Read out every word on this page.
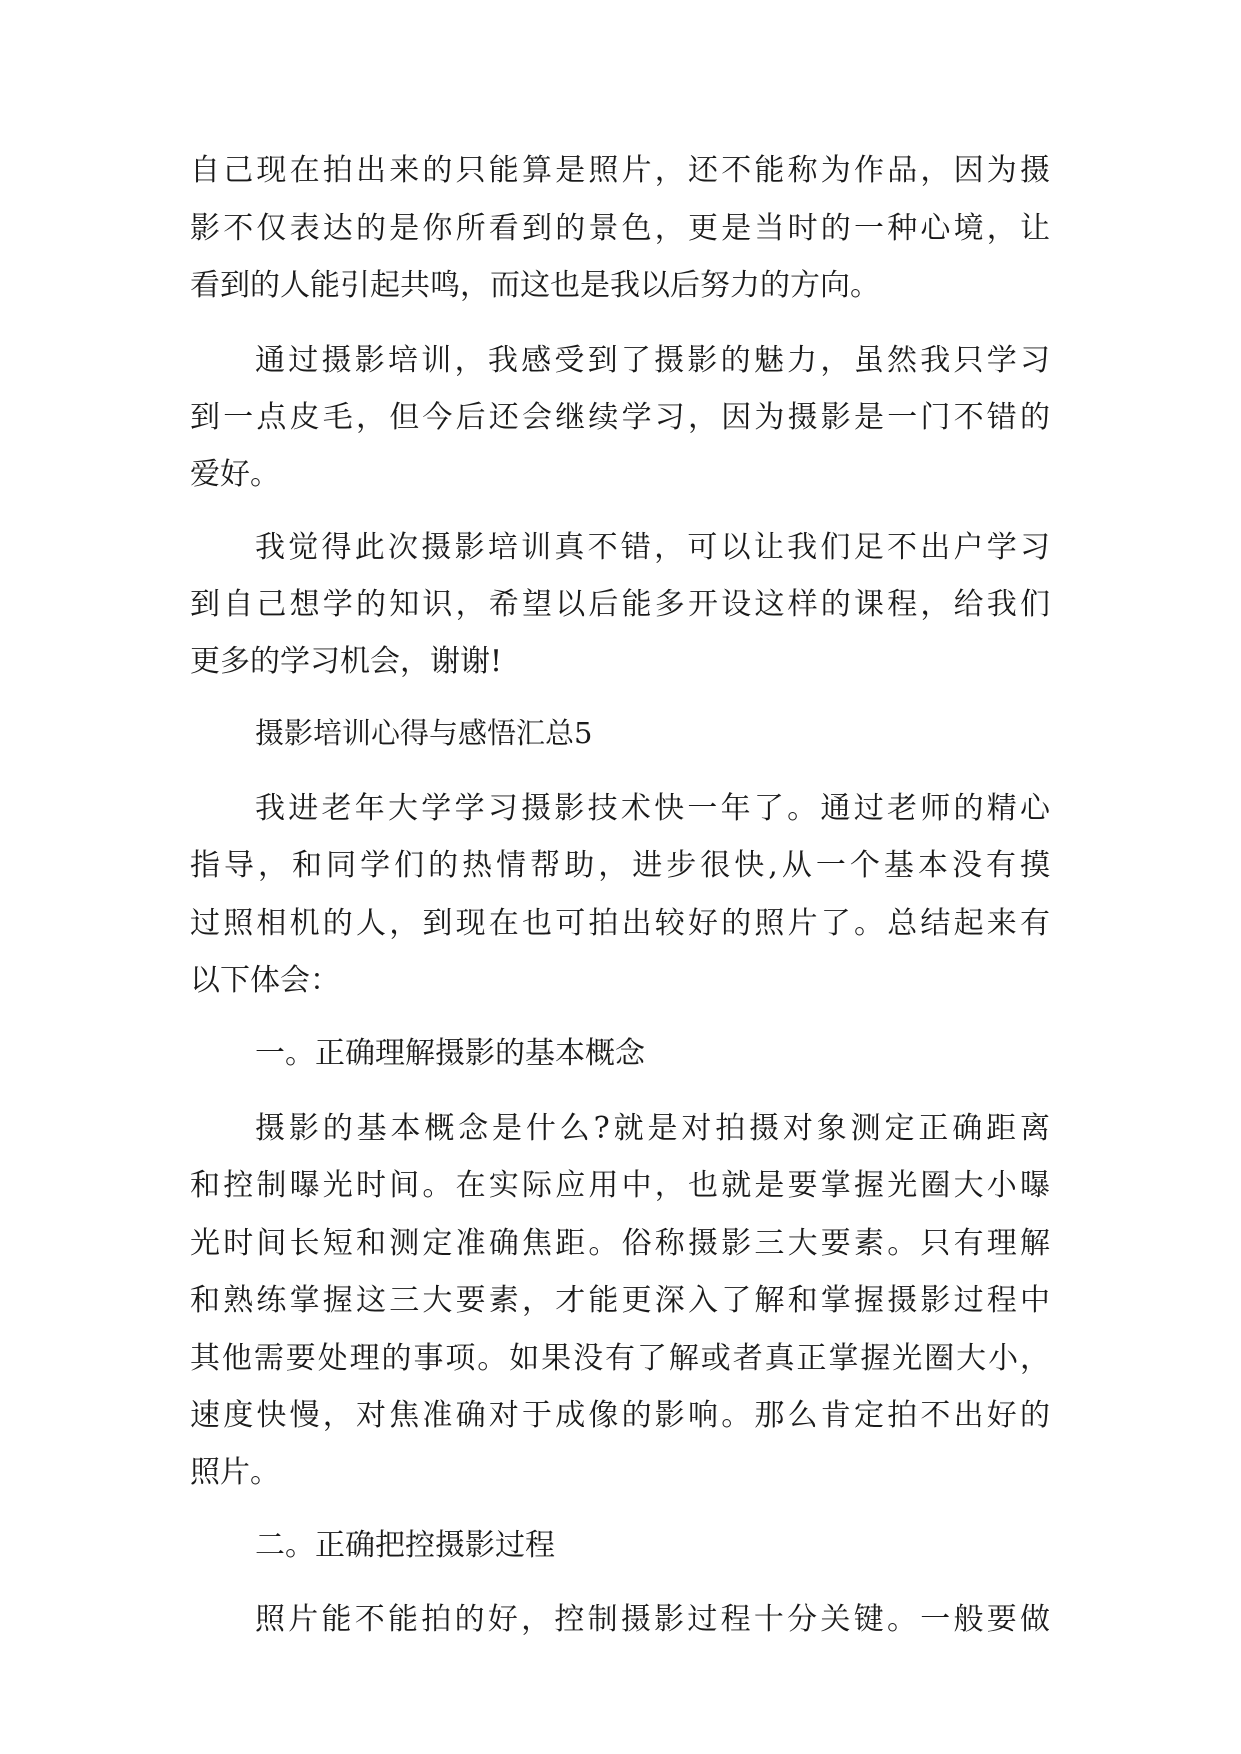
自己现在拍出来的只能算是照片，还不能称为作品，因为摄

影不仅表达的是你所看到的景色，更是当时的一种心境，让

看到的人能引起共鸣，而这也是我以后努力的方向。

通过摄影培训，我感受到了摄影的魅力，虽然我只学习

到一点皮毛，但今后还会继续学习，因为摄影是一门不错的

爱好。

我觉得此次摄影培训真不错，可以让我们足不出户学习

到自己想学的知识，希望以后能多开设这样的课程，给我们

更多的学习机会，谢谢!

摄影培训心得与感悟汇总5

我进老年大学学习摄影技术快一年了。通过老师的精心

指导，和同学们的热情帮助，进步很快,从一个基本没有摸

过照相机的人，到现在也可拍出较好的照片了。总结起来有

以下体会：

一。正确理解摄影的基本概念

摄影的基本概念是什么?就是对拍摄对象测定正确距离

和控制曝光时间。在实际应用中，也就是要掌握光圈大小曝

光时间长短和测定准确焦距。俗称摄影三大要素。只有理解

和熟练掌握这三大要素，才能更深入了解和掌握摄影过程中

其他需要处理的事项。如果没有了解或者真正掌握光圈大小，

速度快慢，对焦准确对于成像的影响。那么肯定拍不出好的

照片。

二。正确把控摄影过程

照片能不能拍的好，控制摄影过程十分关键。一般要做
